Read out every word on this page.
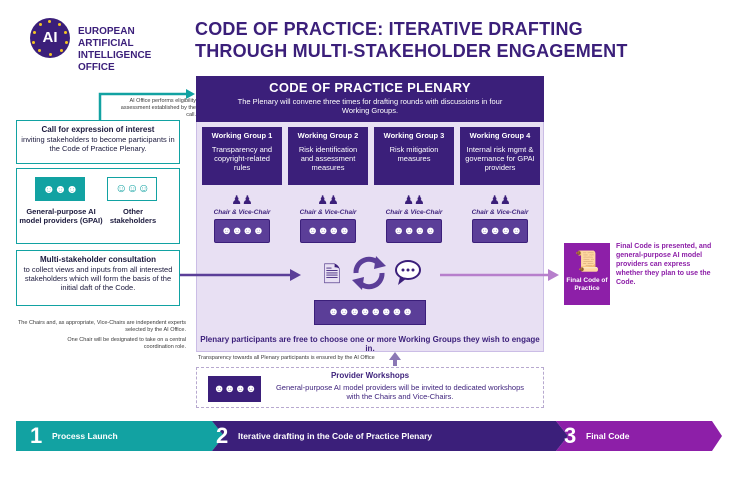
AI	EUROPEAN ARTIFICIAL
INTELLIGENCE OFFICE
CODE OF PRACTICE: ITERATIVE DRAFTING
THROUGH MULTI-STAKEHOLDER ENGAGEMENT
AI Office performs eligibility assessment established by the call.
Call for expression of interest
inviting stakeholders to become participants in the Code of Practice Plenary.
☻☻☻	☺☺☺
General-purpose AI model providers (GPAI)
Other stakeholders
Multi-stakeholder consultation
to collect views and inputs from all interested stakeholders which will form the basis of the initial daft of the Code.
The Chairs and, as appropriate, Vice-Chairs are independent experts selected by the AI Office.
One Chair will be designated to take on a central coordination role.
CODE OF PRACTICE PLENARY
The Plenary will convene three times for drafting rounds with discussions in four Working Groups.
Working Group 1
Transparency and copyright-related rules
Working Group 2
Risk identification and assessment measures
Working Group 3
Risk mitigation measures
Working Group 4
Internal risk mgmt & governance for GPAI providers
♟♟	♟♟	♟♟	♟♟
Chair & Vice-Chair	Chair & Vice-Chair	Chair & Vice-Chair	Chair & Vice-Chair
☻☻☻☻	☻☻☻☻	☻☻☻☻	☻☻☻☻
🗎
☻☻☻☻☻☻☻☻
Plenary participants are free to choose one or more Working Groups they wish to engage in.
📜
Final Code of Practice
Final Code is presented, and general-purpose AI model providers can express whether they plan to use the Code.
Transparency towards all Plenary participants is ensured by the AI Office
☻☻☻☻
Provider Workshops
General-purpose AI model providers will be invited to dedicated workshops with the Chairs and Vice-Chairs.
1 Process Launch	2 Iterative drafting in the Code of Practice Plenary	3 Final Code
